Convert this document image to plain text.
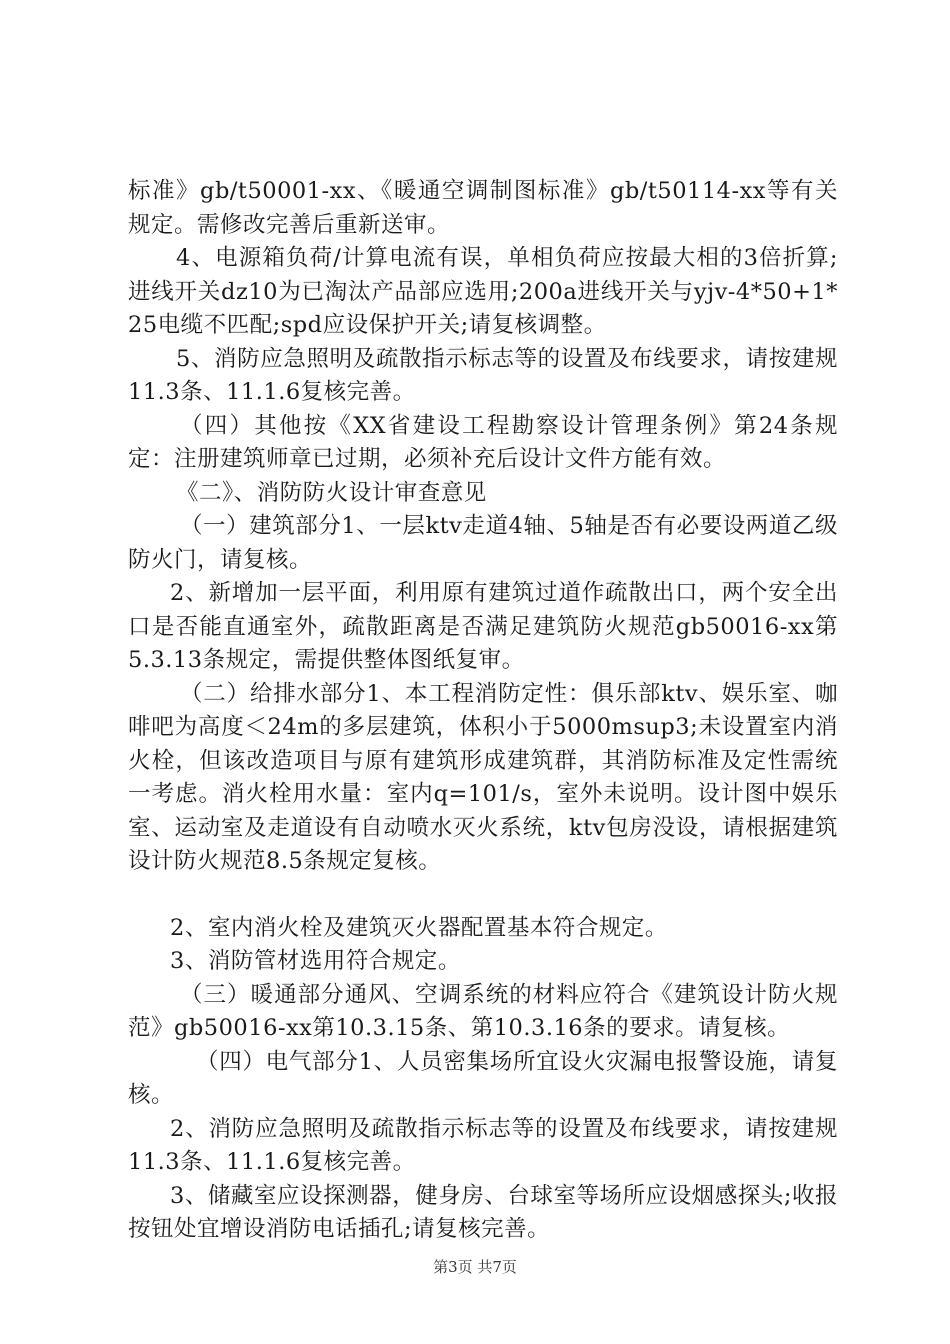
标准》gb/t50001-xx、《暖通空调制图标准》gb/t50114-xx等有关规定。需修改完善后重新送审。

4、电源箱负荷/计算电流有误，单相负荷应按最大相的3倍折算;进线开关dz10为已淘汰产品部应选用;200a进线开关与yjv-4*50+1*25电缆不匹配;spd应设保护开关;请复核调整。

5、消防应急照明及疏散指示标志等的设置及布线要求，请按建规11.3条、11.1.6复核完善。

（四）其他按《XX省建设工程勘察设计管理条例》第24条规定：注册建筑师章已过期，必须补充后设计文件方能有效。

《二》、消防防火设计审查意见

（一）建筑部分1、一层ktv走道4轴、5轴是否有必要设两道乙级防火门，请复核。

2、新增加一层平面，利用原有建筑过道作疏散出口，两个安全出口是否能直通室外，疏散距离是否满足建筑防火规范gb50016-xx第5.3.13条规定，需提供整体图纸复审。

（二）给排水部分1、本工程消防定性：俱乐部ktv、娱乐室、咖啡吧为高度＜24m的多层建筑，体积小于5000msup3;未设置室内消火栓，但该改造项目与原有建筑形成建筑群，其消防标准及定性需统一考虑。消火栓用水量：室内q=101/s，室外未说明。设计图中娱乐室、运动室及走道设有自动喷水灭火系统，ktv包房没设，请根据建筑设计防火规范8.5条规定复核。

2、室内消火栓及建筑灭火器配置基本符合规定。

3、消防管材选用符合规定。

（三）暖通部分通风、空调系统的材料应符合《建筑设计防火规范》gb50016-xx第10.3.15条、第10.3.16条的要求。请复核。

（四）电气部分1、人员密集场所宜设火灾漏电报警设施，请复核。

2、消防应急照明及疏散指示标志等的设置及布线要求，请按建规11.3条、11.1.6复核完善。

3、储藏室应设探测器，健身房、台球室等场所应设烟感探头;收报按钮处宜增设消防电话插孔;请复核完善。

第3页 共7页
